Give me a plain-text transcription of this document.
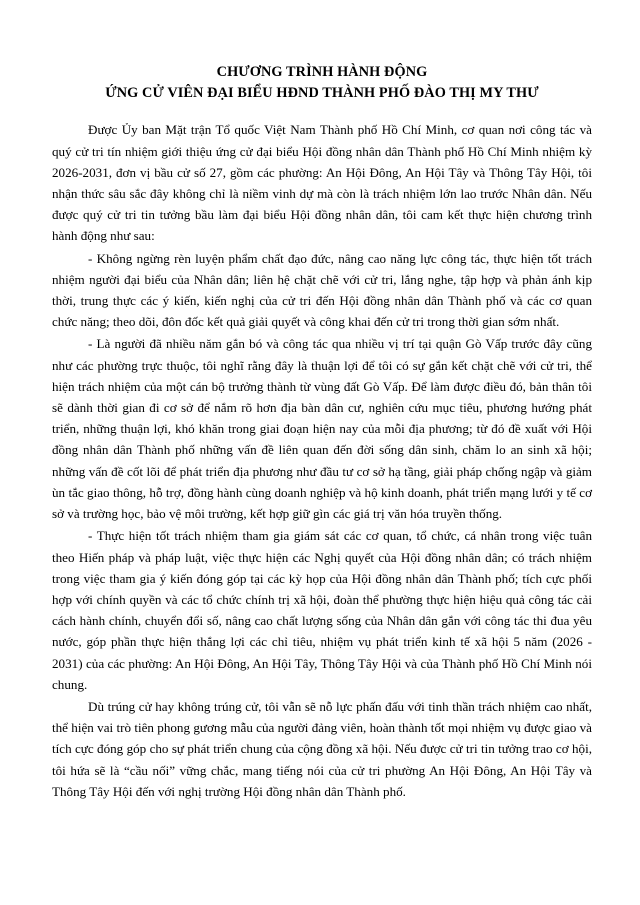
CHƯƠNG TRÌNH HÀNH ĐỘNG
ỨNG CỬ VIÊN ĐẠI BIỂU HĐND THÀNH PHỐ ĐÀO THỊ MY THƯ

Được Ủy ban Mặt trận Tổ quốc Việt Nam Thành phố Hồ Chí Minh, cơ quan nơi công tác và quý cử tri tín nhiệm giới thiệu ứng cử đại biểu Hội đồng nhân dân Thành phố Hồ Chí Minh nhiệm kỳ 2026-2031, đơn vị bầu cử số 27, gồm các phường: An Hội Đông, An Hội Tây và Thông Tây Hội, tôi nhận thức sâu sắc đây không chỉ là niềm vinh dự mà còn là trách nhiệm lớn lao trước Nhân dân. Nếu được quý cử tri tin tưởng bầu làm đại biểu Hội đồng nhân dân, tôi cam kết thực hiện chương trình hành động như sau:

- Không ngừng rèn luyện phẩm chất đạo đức, nâng cao năng lực công tác, thực hiện tốt trách nhiệm người đại biểu của Nhân dân; liên hệ chặt chẽ với cử tri, lắng nghe, tập hợp và phản ánh kịp thời, trung thực các ý kiến, kiến nghị của cử tri đến Hội đồng nhân dân Thành phố và các cơ quan chức năng; theo dõi, đôn đốc kết quả giải quyết và công khai đến cử tri trong thời gian sớm nhất.

- Là người đã nhiều năm gắn bó và công tác qua nhiều vị trí tại quận Gò Vấp trước đây cũng như các phường trực thuộc, tôi nghĩ rằng đây là thuận lợi để tôi có sự gắn kết chặt chẽ với cử tri, thể hiện trách nhiệm của một cán bộ trưởng thành từ vùng đất Gò Vấp. Để làm được điều đó, bản thân tôi sẽ dành thời gian đi cơ sở để nắm rõ hơn địa bàn dân cư, nghiên cứu mục tiêu, phương hướng phát triển, những thuận lợi, khó khăn trong giai đoạn hiện nay của mỗi địa phương; từ đó đề xuất với Hội đồng nhân dân Thành phố những vấn đề liên quan đến đời sống dân sinh, chăm lo an sinh xã hội; những vấn đề cốt lõi để phát triển địa phương như đầu tư cơ sở hạ tầng, giải pháp chống ngập và giảm ùn tắc giao thông, hỗ trợ, đồng hành cùng doanh nghiệp và hộ kinh doanh, phát triển mạng lưới y tế cơ sở và trường học, bảo vệ môi trường, kết hợp giữ gìn các giá trị văn hóa truyền thống.

- Thực hiện tốt trách nhiệm tham gia giám sát các cơ quan, tổ chức, cá nhân trong việc tuân theo Hiến pháp và pháp luật, việc thực hiện các Nghị quyết của Hội đồng nhân dân; có trách nhiệm trong việc tham gia ý kiến đóng góp tại các kỳ họp của Hội đồng nhân dân Thành phố; tích cực phối hợp với chính quyền và các tổ chức chính trị xã hội, đoàn thể phường thực hiện hiệu quả công tác cải cách hành chính, chuyển đổi số, nâng cao chất lượng sống của Nhân dân gắn với công tác thi đua yêu nước, góp phần thực hiện thắng lợi các chỉ tiêu, nhiệm vụ phát triển kinh tế xã hội 5 năm (2026 - 2031) của các phường: An Hội Đông, An Hội Tây, Thông Tây Hội và của Thành phố Hồ Chí Minh nói chung.

Dù trúng cử hay không trúng cử, tôi vẫn sẽ nỗ lực phấn đấu với tinh thần trách nhiệm cao nhất, thể hiện vai trò tiên phong gương mẫu của người đảng viên, hoàn thành tốt mọi nhiệm vụ được giao và tích cực đóng góp cho sự phát triển chung của cộng đồng xã hội. Nếu được cử tri tin tưởng trao cơ hội, tôi hứa sẽ là “cầu nối” vững chắc, mang tiếng nói của cử tri phường An Hội Đông, An Hội Tây và Thông Tây Hội đến với nghị trường Hội đồng nhân dân Thành phố.
